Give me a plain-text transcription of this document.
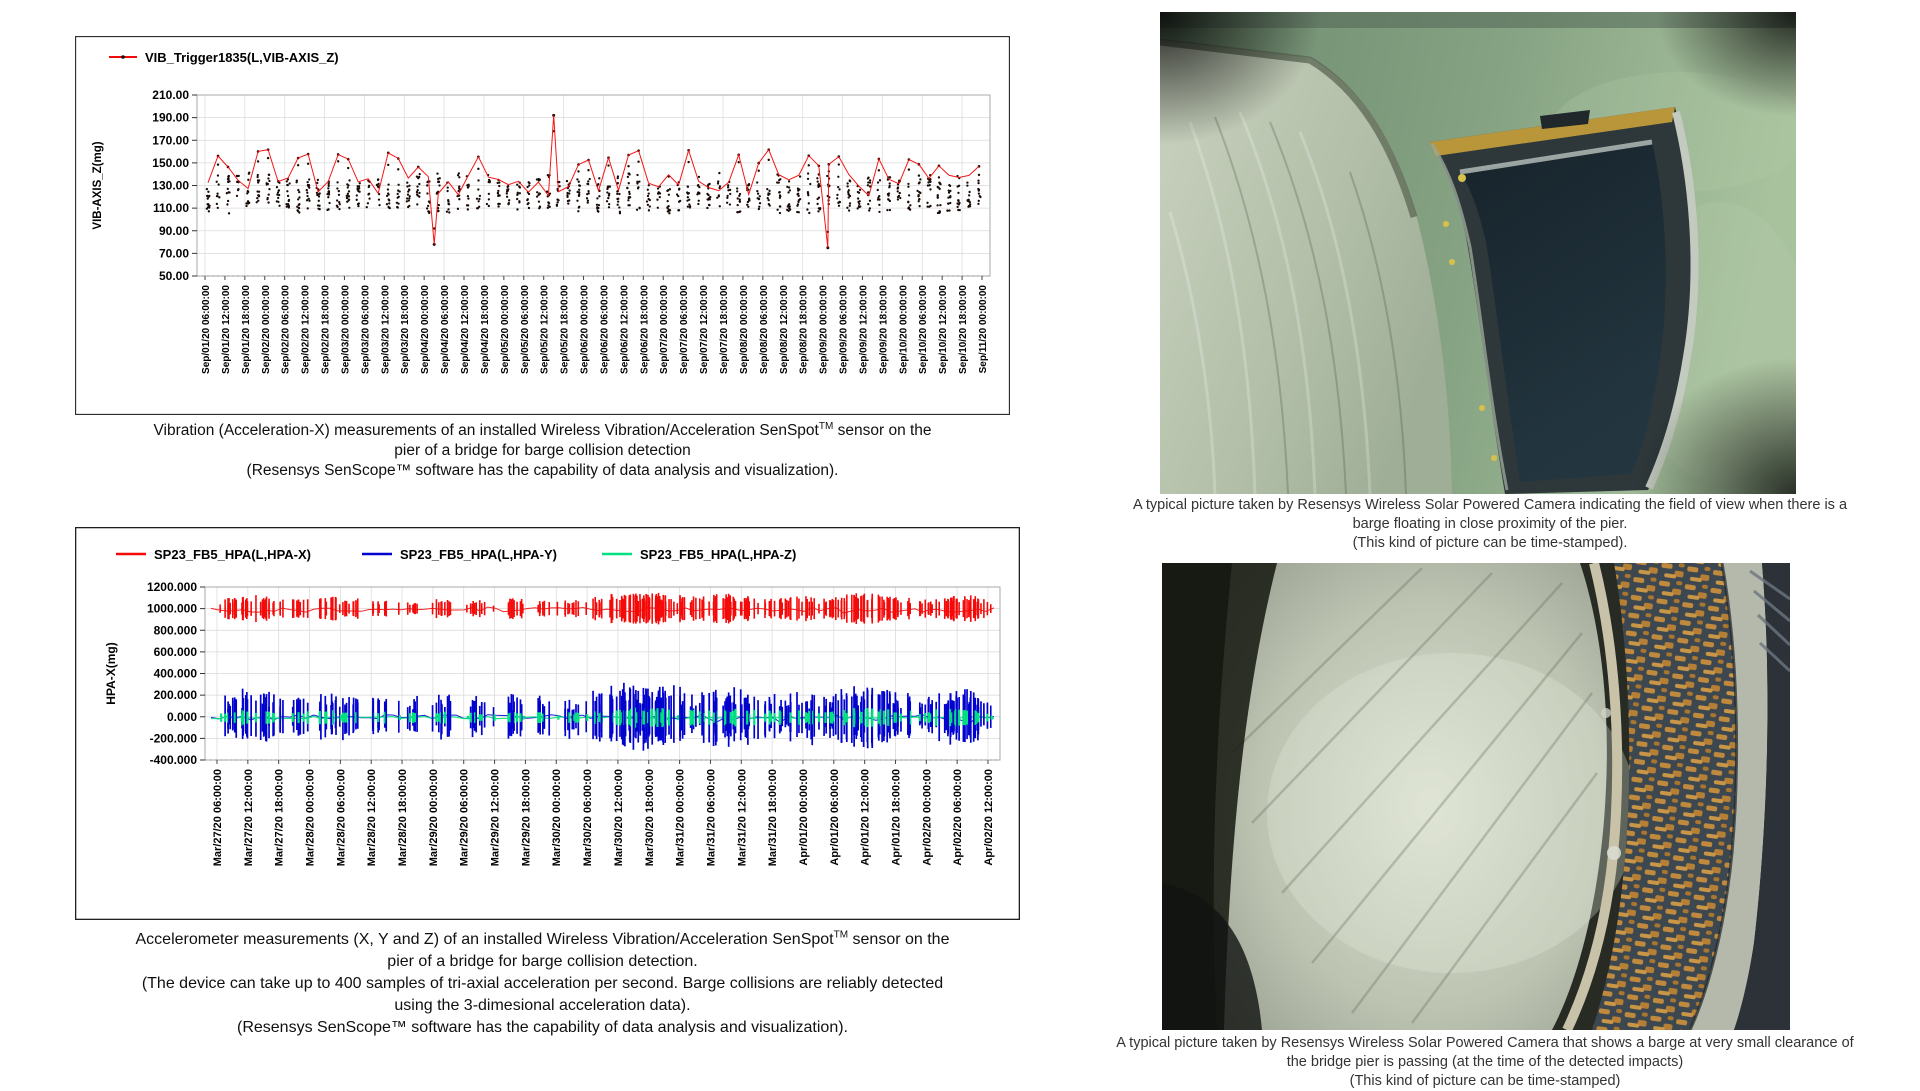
210.00
190.00
170.00
150.00
130.00
110.00
90.00
70.00
50.00
VIB-AXIS_Z(mg)
Sep/01/20 06:00:00 Sep/01/20 12:00:00 Sep/01/20 18:00:00 Sep/02/20 00:00:00 Sep/02/20 06:00:00 Sep/02/20 12:00:00 Sep/02/20 18:00:00 Sep/03/20 00:00:00 Sep/03/20 06:00:00 Sep/03/20 12:00:00 Sep/03/20 18:00:00 Sep/04/20 00:00:00 Sep/04/20 06:00:00 Sep/04/20 12:00:00 Sep/04/20 18:00:00 Sep/05/20 00:00:00 Sep/05/20 06:00:00 Sep/05/20 12:00:00 Sep/05/20 18:00:00 Sep/06/20 00:00:00 Sep/06/20 06:00:00 Sep/06/20 12:00:00 Sep/06/20 18:00:00 Sep/07/20 00:00:00 Sep/07/20 06:00:00 Sep/07/20 12:00:00 Sep/07/20 18:00:00 Sep/08/20 00:00:00 Sep/08/20 06:00:00 Sep/08/20 12:00:00 Sep/08/20 18:00:00 Sep/09/20 00:00:00 Sep/09/20 06:00:00 Sep/09/20 12:00:00 Sep/09/20 18:00:00 Sep/10/20 00:00:00 Sep/10/20 06:00:00 Sep/10/20 12:00:00 Sep/10/20 18:00:00 Sep/11/20 00:00:00
VIB_Trigger1835(L,VIB-AXIS_Z)
Vibration (Acceleration-X) measurements of an installed Wireless Vibration/Acceleration SenSpot™ sensor on the
pier of a bridge for barge collision detection
(Resensys SenScope™ software has the capability of data analysis and visualization).
1200.000
1000.000
800.000
600.000
400.000
200.000
0.000
-200.000
-400.000
HPA-X(mg)
Mar/27/20 06:00:00 Mar/27/20 12:00:00 Mar/27/20 18:00:00 Mar/28/20 00:00:00 Mar/28/20 06:00:00 Mar/28/20 12:00:00 Mar/28/20 18:00:00 Mar/29/20 00:00:00 Mar/29/20 06:00:00 Mar/29/20 12:00:00 Mar/29/20 18:00:00 Mar/30/20 00:00:00 Mar/30/20 06:00:00 Mar/30/20 12:00:00 Mar/30/20 18:00:00 Mar/31/20 00:00:00 Mar/31/20 06:00:00 Mar/31/20 12:00:00 Mar/31/20 18:00:00 Apr/01/20 00:00:00 Apr/01/20 06:00:00 Apr/01/20 12:00:00 Apr/01/20 18:00:00 Apr/02/20 00:00:00 Apr/02/20 06:00:00 Apr/02/20 12:00:00
SP23_FB5_HPA(L,HPA-X)	SP23_FB5_HPA(L,HPA-Y)	SP23_FB5_HPA(L,HPA-Z)
Accelerometer measurements (X, Y and Z) of an installed Wireless Vibration/Acceleration SenSpot™ sensor on the
pier of a bridge for barge collision detection.
(The device can take up to 400 samples of tri-axial acceleration per second. Barge collisions are reliably detected
using the 3-dimesional acceleration data).
(Resensys SenScope™ software has the capability of data analysis and visualization).
A typical picture taken by Resensys Wireless Solar Powered Camera indicating the field of view when there is a
barge floating in close proximity of the pier.
(This kind of picture can be time-stamped).
A typical picture taken by Resensys Wireless Solar Powered Camera that shows a barge at very small clearance of
the bridge pier is passing (at the time of the detected impacts)
(This kind of picture can be time-stamped)
